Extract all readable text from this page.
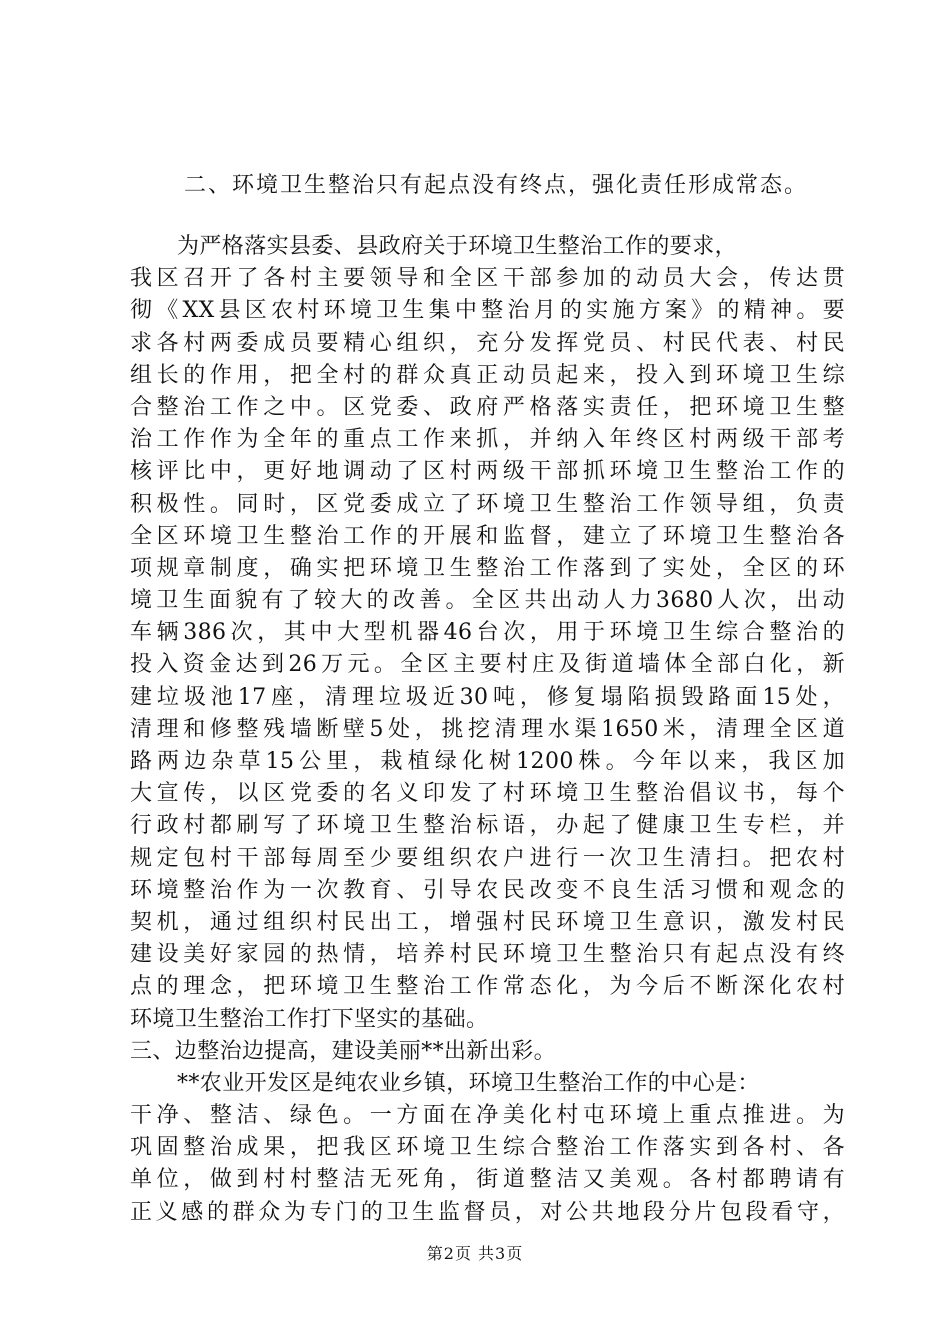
二、环境卫生整治只有起点没有终点，强化责任形成常态。
为严格落实县委、县政府关于环境卫生整治工作的要求，
我区召开了各村主要领导和全区干部参加的动员大会，传达贯
彻《XX县区农村环境卫生集中整治月的实施方案》的精神。要
求各村两委成员要精心组织，充分发挥党员、村民代表、村民
组长的作用，把全村的群众真正动员起来，投入到环境卫生综
合整治工作之中。区党委、政府严格落实责任，把环境卫生整
治工作作为全年的重点工作来抓，并纳入年终区村两级干部考
核评比中，更好地调动了区村两级干部抓环境卫生整治工作的
积极性。同时，区党委成立了环境卫生整治工作领导组，负责
全区环境卫生整治工作的开展和监督，建立了环境卫生整治各
项规章制度，确实把环境卫生整治工作落到了实处，全区的环
境卫生面貌有了较大的改善。全区共出动人力3680人次，出动
车辆386次，其中大型机器46台次，用于环境卫生综合整治的
投入资金达到26万元。全区主要村庄及街道墙体全部白化，新
建垃圾池17座，清理垃圾近30吨，修复塌陷损毁路面15处，
清理和修整残墙断壁5处，挑挖清理水渠1650米，清理全区道
路两边杂草15公里，栽植绿化树1200株。今年以来，我区加
大宣传，以区党委的名义印发了村环境卫生整治倡议书，每个
行政村都刷写了环境卫生整治标语，办起了健康卫生专栏，并
规定包村干部每周至少要组织农户进行一次卫生清扫。把农村
环境整治作为一次教育、引导农民改变不良生活习惯和观念的
契机，通过组织村民出工，增强村民环境卫生意识，激发村民
建设美好家园的热情，培养村民环境卫生整治只有起点没有终
点的理念，把环境卫生整治工作常态化，为今后不断深化农村
环境卫生整治工作打下坚实的基础。
三、边整治边提高，建设美丽**出新出彩。
**农业开发区是纯农业乡镇，环境卫生整治工作的中心是：
干净、整洁、绿色。一方面在净美化村屯环境上重点推进。为
巩固整治成果，把我区环境卫生综合整治工作落实到各村、各
单位，做到村村整洁无死角，街道整洁又美观。各村都聘请有
正义感的群众为专门的卫生监督员，对公共地段分片包段看守，
第2页 共3页
